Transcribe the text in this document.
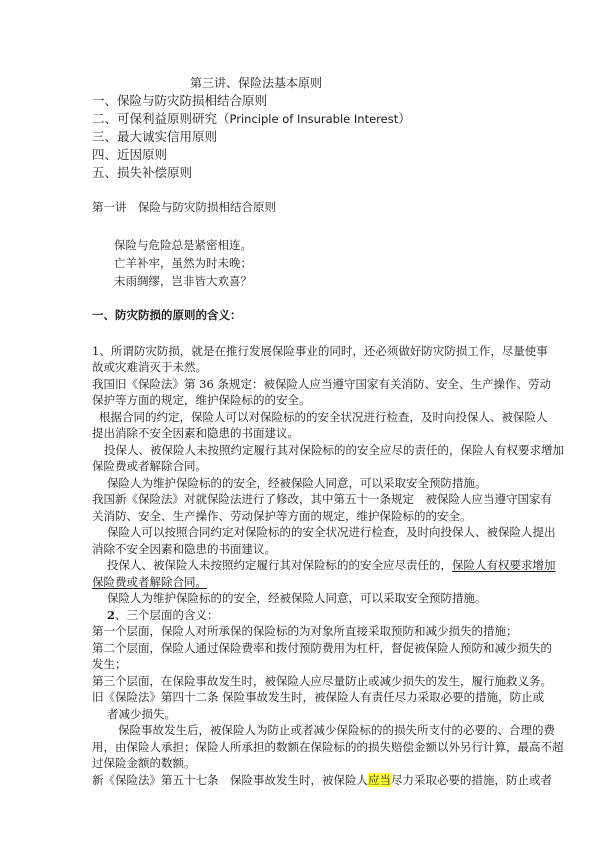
第三讲、保险法基本原则
一、保险与防灾防损相结合原则
二、可保利益原则研究（Principle of Insurable Interest）
三、最大诚实信用原则
四、近因原则
五、损失补偿原则
第一讲　保险与防灾防损相结合原则
保险与危险总是紧密相连。
亡羊补牢，虽然为时未晚；
未雨绸缪，岂非皆大欢喜？
一、防灾防损的原则的含义：
1、所谓防灾防损，就是在推行发展保险事业的同时，还必须做好防灾防损工作，尽量使事
故或灾难消灭于未然。
我国旧《保险法》第 36 条规定：被保险人应当遵守国家有关消防、安全、生产操作、劳动
保护等方面的规定，维护保险标的的安全。
根据合同的约定，保险人可以对保险标的的安全状况进行检查，及时向投保人、被保险人
提出消除不安全因素和隐患的书面建议。
投保人、被保险人未按照约定履行其对保险标的的安全应尽的责任的，保险人有权要求增加
保险费或者解除合同。
保险人为维护保险标的的安全，经被保险人同意，可以采取安全预防措施。
我国新《保险法》对就保险法进行了修改，其中第五十一条规定　被保险人应当遵守国家有
关消防、安全、生产操作、劳动保护等方面的规定，维护保险标的的安全。
保险人可以按照合同约定对保险标的的安全状况进行检查，及时向投保人、被保险人提出
消除不安全因素和隐患的书面建议。
投保人、被保险人未按照约定履行其对保险标的的安全应尽责任的，保险人有权要求增加
保险费或者解除合同。
保险人为维护保险标的的安全，经被保险人同意，可以采取安全预防措施。
2、三个层面的含义：
第一个层面，保险人对所承保的保险标的为对象所直接采取预防和减少损失的措施；
第二个层面，保险人通过保险费率和拨付预防费用为杠杆，督促被保险人预防和减少损失的
发生；
第三个层面，在保险事故发生时，被保险人应尽量防止或减少损失的发生，履行施救义务。
旧《保险法》第四十二条 保险事故发生时，被保险人有责任尽力采取必要的措施，防止或
者减少损失。
保险事故发生后，被保险人为防止或者减少保险标的的损失所支付的必要的、合理的费
用，由保险人承担；保险人所承担的数额在保险标的的损失赔偿金额以外另行计算，最高不超
过保险金额的数额。
新《保险法》第五十七条　保险事故发生时，被保险人应当尽力采取必要的措施，防止或者
